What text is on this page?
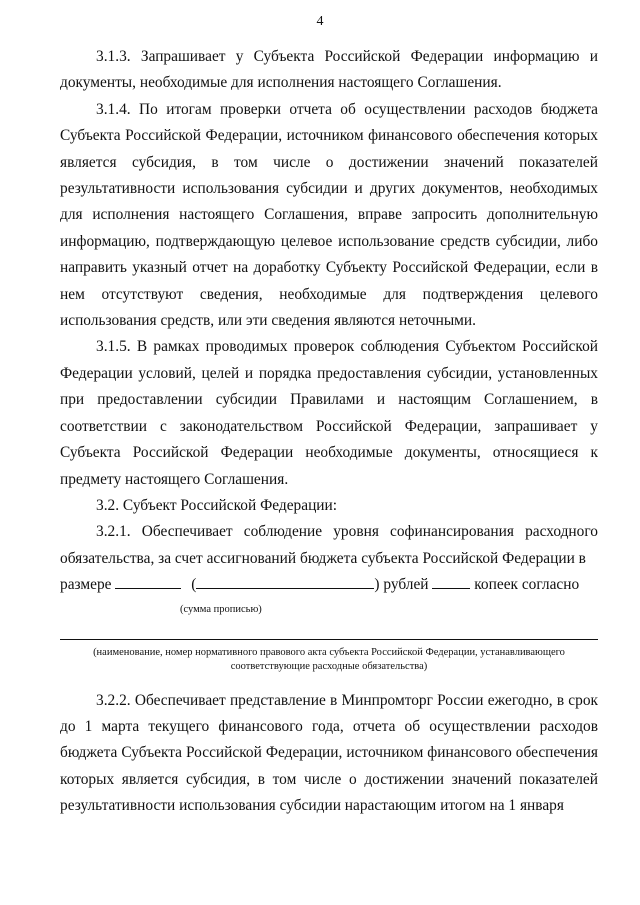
4

3.1.3. Запрашивает у Субъекта Российской Федерации информацию и документы, необходимые для исполнения настоящего Соглашения.

3.1.4. По итогам проверки отчета об осуществлении расходов бюджета Субъекта Российской Федерации, источником финансового обеспечения которых является субсидия, в том числе о достижении значений показателей результативности использования субсидии и других документов, необходимых для исполнения настоящего Соглашения, вправе запросить дополнительную информацию, подтверждающую целевое использование средств субсидии, либо направить указный отчет на доработку Субъекту Российской Федерации, если в нем отсутствуют сведения, необходимые для подтверждения целевого использования средств, или эти сведения являются неточными.

3.1.5. В рамках проводимых проверок соблюдения Субъектом Российской Федерации условий, целей и порядка предоставления субсидии, установленных при предоставлении субсидии Правилами и настоящим Соглашением, в соответствии с законодательством Российской Федерации, запрашивает у Субъекта Российской Федерации необходимые документы, относящиеся к предмету настоящего Соглашения.

3.2. Субъект Российской Федерации:

3.2.1. Обеспечивает соблюдение уровня софинансирования расходного обязательства, за счет ассигнований бюджета субъекта Российской Федерации в

размере	(	) рублей	копеек согласно

(сумма прописью)

(наименование, номер нормативного правового акта субъекта Российской Федерации, устанавливающего

соответствующие расходные обязательства)

3.2.2. Обеспечивает представление в Минпромторг России ежегодно, в срок до 1 марта текущего финансового года, отчета об осуществлении расходов бюджета Субъекта Российской Федерации, источником финансового обеспечения которых является субсидия, в том числе о достижении значений показателей результативности использования субсидии нарастающим итогом на 1 января
